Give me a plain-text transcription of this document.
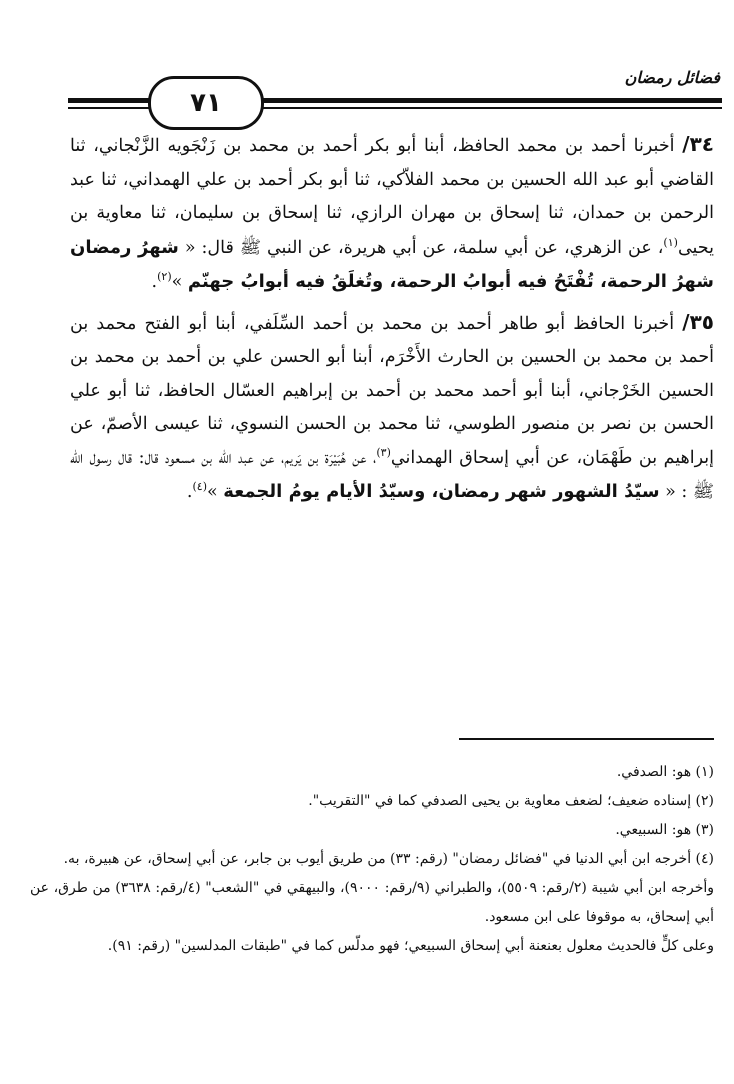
فضائل رمضان
٧١

٣٤/ أخبرنا أحمد بن محمد الحافظ، أبنا أبو بكر أحمد بن محمد بن زَنْجَويه الزَّنْجاني، ثنا القاضي أبو عبد الله الحسين بن محمد الفلاّكي، ثنا أبو بكر أحمد بن علي الهمداني، ثنا عبد الرحمن بن حمدان، ثنا إسحاق بن مهران الرازي، ثنا إسحاق بن سليمان، ثنا معاوية بن يحيى$^{(١)}$، عن الزهري، عن أبي سلمة، عن أبي هريرة، عن النبي ﷺ قال: « شهرُ رمضان شهرُ الرحمة، تُفْتَحُ فيه أبوابُ الرحمة، وتُغلَقُ فيه أبوابُ جهنّم »$^{(٢)}$.

٣٥/ أخبرنا الحافظ أبو طاهر أحمد بن محمد بن أحمد السِّلَفي، أبنا أبو الفتح محمد بن أحمد بن محمد بن الحسين بن الحارث الأَخْرَم، أبنا أبو الحسن علي بن أحمد بن محمد بن الحسين الخَرْجاني، أبنا أبو أحمد محمد بن أحمد بن إبراهيم العسّال الحافظ، ثنا أبو علي الحسن بن نصر بن منصور الطوسي، ثنا محمد بن الحسن النسوي، ثنا عيسى الأصمّ، عن إبراهيم بن طَهْمَان، عن أبي إسحاق الهمداني$^{(٣)}$، عن هُبَيْرَة بن يَريم، عن عبد الله بن مسعود قال: قال رسول الله ﷺ : « سيّدُ الشهور شهر رمضان، وسيّدُ الأيام يومُ الجمعة »$^{(٤)}$.

(١) هو: الصدفي.

(٢) إسناده ضعيف؛ لضعف معاوية بن يحيى الصدفي كما في "التقريب".

(٣) هو: السبيعي.

(٤) أخرجه ابن أبي الدنيا في "فضائل رمضان" (رقم: ٣٣) من طريق أيوب بن جابر، عن أبي إسحاق، عن هبيرة، به.

وأخرجه ابن أبي شيبة (٢/رقم: ٥٥٠٩)، والطبراني (٩/رقم: ٩٠٠٠)، والبيهقي في "الشعب" (٤/رقم: ٣٦٣٨) من طرق، عن أبي إسحاق، به موقوفا على ابن مسعود.

وعلى كلٍّ فالحديث معلول بعنعنة أبي إسحاق السبيعي؛ فهو مدلّس كما في "طبقات المدلسين" (رقم: ٩١).
